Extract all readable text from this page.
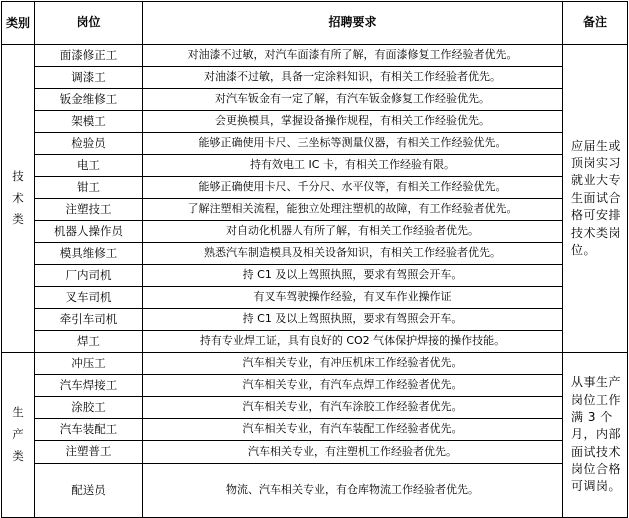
类别	岗位	招聘要求	备注
技术类	面漆修正工	对油漆不过敏，对汽车面漆有所了解，有面漆修复工作经验者优先。	应届生或顶岗实习就业大专生面试合格可安排技术类岗位。
	调漆工	对油漆不过敏，具备一定涂料知识，有相关工作经验者优先。	
	钣金维修工	对汽车钣金有一定了解，有汽车钣金修复工作经验优先。	
	架模工	会更换模具，掌握设备操作规程，有相关工作经验优先。	
	检验员	能够正确使用卡尺、三坐标等测量仪器，有相关工作经验优先。	
	电工	持有效电工 IC 卡，有相关工作经验有限。	
	钳工	能够正确使用卡尺、千分尺、水平仪等，有相关工作经验优先。	
	注塑技工	了解注塑相关流程，能独立处理注塑机的故障，有工作经验者优先。	
	机器人操作员	对自动化机器人有所了解，有相关工作经验者优先。	
	模具维修工	熟悉汽车制造模具及相关设备知识，有相关工作经验者优先。	
	厂内司机	持 C1 及以上驾照执照，要求有驾照会开车。	
	叉车司机	有叉车驾驶操作经验，有叉车作业操作证	
	牵引车司机	持 C1 及以上驾照执照，要求有驾照会开车。	
	焊工	持有专业焊工证，具有良好的 CO2 气体保护焊接的操作技能。	
生产类	冲压工	汽车相关专业，有冲压机床工作经验者优先。	从事生产岗位工作满 3 个月，内部面试技术岗位合格可调岗。
	汽车焊接工	汽车相关专业，有汽车点焊工作经验者优先。	
	涂胶工	汽车相关专业，有汽车涂胶工作经验者优先。	
	汽车装配工	汽车相关专业，有汽车装配工作经验者优先。	
	注塑普工	汽车相关专业，有注塑机工作经验者优先。	
	配送员	物流、汽车相关专业，有仓库物流工作经验者优先。	
